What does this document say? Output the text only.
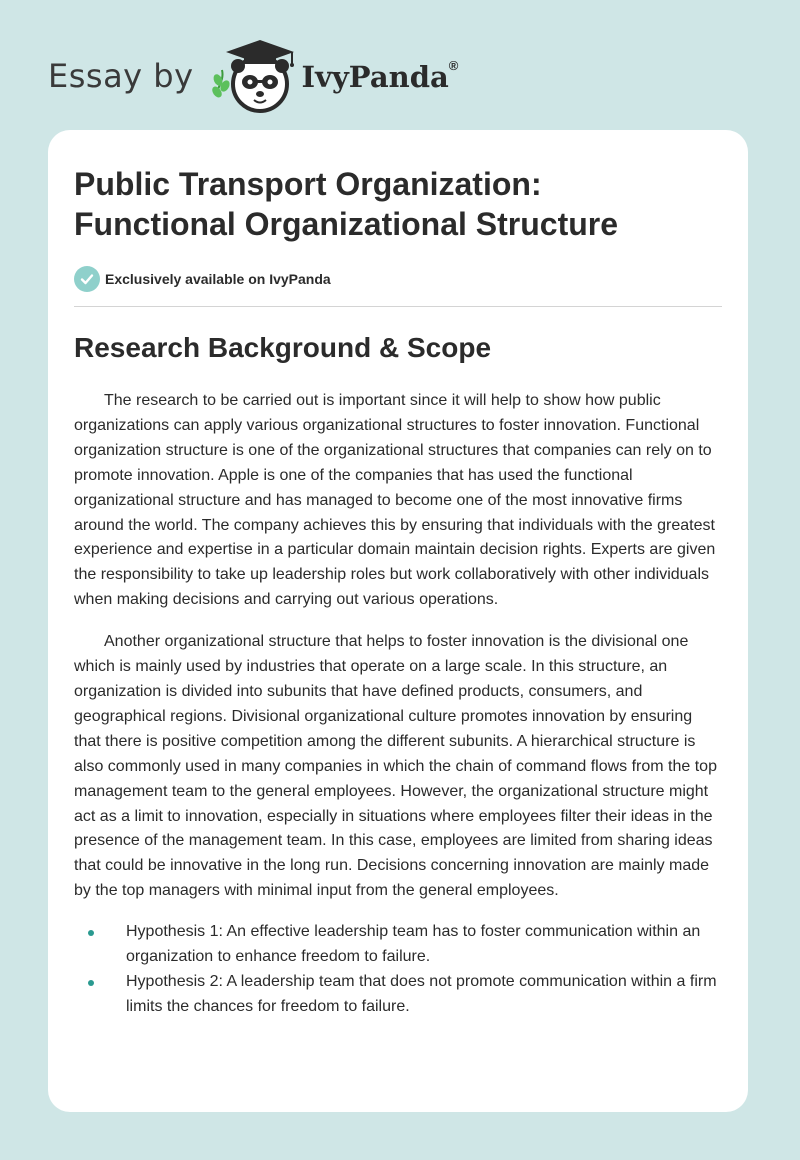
Essay by	IvyPanda®
Public Transport Organization:
Functional Organizational Structure
Exclusively available on IvyPanda
Research Background & Scope

The research to be carried out is important since it will help to show how public organizations can apply various organizational structures to foster innovation. Functional organization structure is one of the organizational structures that companies can rely on to promote innovation. Apple is one of the companies that has used the functional organizational structure and has managed to become one of the most innovative firms around the world. The company achieves this by ensuring that individuals with the greatest experience and expertise in a particular domain maintain decision rights. Experts are given the responsibility to take up leadership roles but work collaboratively with other individuals when making decisions and carrying out various operations.

Another organizational structure that helps to foster innovation is the divisional one which is mainly used by industries that operate on a large scale. In this structure, an organization is divided into subunits that have defined products, consumers, and geographical regions. Divisional organizational culture promotes innovation by ensuring that there is positive competition among the different subunits. A hierarchical structure is also commonly used in many companies in which the chain of command flows from the top management team to the general employees. However, the organizational structure might act as a limit to innovation, especially in situations where employees filter their ideas in the presence of the management team. In this case, employees are limited from sharing ideas that could be innovative in the long run. Decisions concerning innovation are mainly made by the top managers with minimal input from the general employees.

Hypothesis 1: An effective leadership team has to foster communication within an organization to enhance freedom to failure.
Hypothesis 2: A leadership team that does not promote communication within a firm limits the chances for freedom to failure.
